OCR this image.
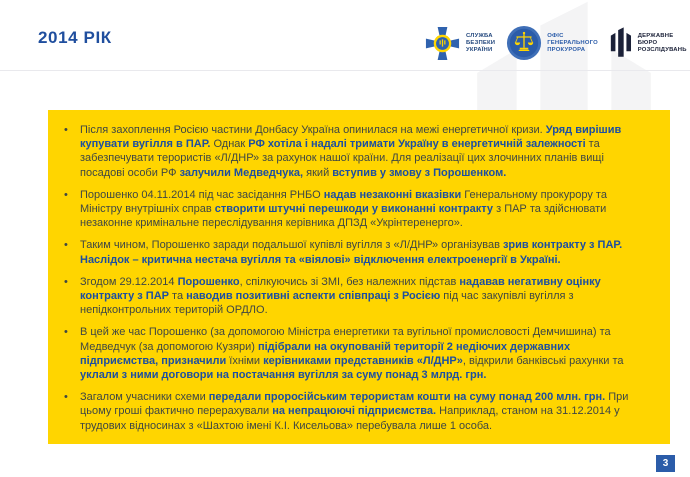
2014 РІК	СЛУЖБА
БЕЗПЕКИ
УКРАЇНИ
ОФІС
ГЕНЕРАЛЬНОГО
ПРОКУРОРА
ДЕРЖАВНЕ БЮРО
РОЗСЛІДУВАНЬ
•	Після захоплення Росією частини Донбасу Україна опинилася на межі енергетичної кризи. Уряд вирішив купувати вугілля в ПАР. Однак РФ хотіла і надалі тримати Україну в енергетичній залежності та забезпечувати терористів «Л/ДНР» за рахунок нашої країни. Для реалізації цих злочинних планів вищі посадові особи РФ залучили Медведчука, який вступив у змову з Порошенком.

•	Порошенко 04.11.2014 під час засідання РНБО надав незаконні вказівки Генеральному прокурору та Міністру внутрішніх справ створити штучні перешкоди у виконанні контракту з ПАР та здійснювати незаконне кримінальне переслідування керівника ДПЗД «Укрінтеренерго».

•	Таким чином, Порошенко заради подальшої купівлі вугілля з «Л/ДНР» організував зрив контракту з ПАР. Наслідок – критична нестача вугілля та «віялові» відключення електроенергії в Україні.

•	Згодом 29.12.2014 Порошенко, спілкуючись зі ЗМІ, без належних підстав надавав негативну оцінку контракту з ПАР та наводив позитивні аспекти співпраці з Росією під час закупівлі вугілля з непідконтрольних територій ОРДЛО.

•	В цей же час Порошенко (за допомогою Міністра енергетики та вугільної промисловості Демчишина) та Медведчук (за допомогою Кузяри) підібрали на окупованій території 2 недіючих державних підприємства, призначили їхніми керівниками представників «Л/ДНР», відкрили банківські рахунки та уклали з ними договори на постачання вугілля за суму понад 3 млрд. грн.

•	Загалом учасники схеми передали проросійським терористам кошти на суму понад 200 млн. грн. При цьому гроші фактично перерахували на непрацюючі підприємства. Наприклад, станом на 31.12.2014 у трудових відносинах з «Шахтою імені К.І. Кисельова» перебувала лише 1 особа.

3
